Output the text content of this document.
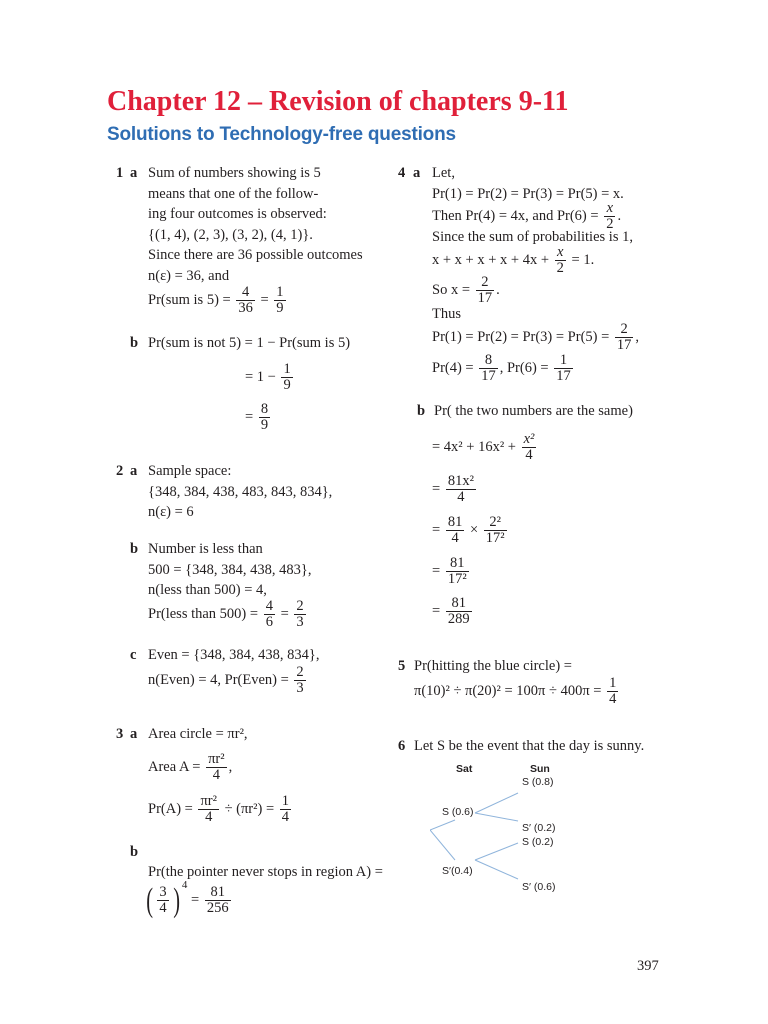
Chapter 12 – Revision of chapters 9-11
Solutions to Technology-free questions
1 a Sum of numbers showing is 5
means that one of the follow-
ing four outcomes is observed:
{(1, 4), (2, 3), (3, 2), (4, 1)}.
Since there are 36 possible outcomes
n(ε) = 36, and
Pr(sum is $5) = \frac{4}{36} = \frac{1}{9}$
b Pr(sum is not 5) = 1 − Pr(sum is 5)
= $1 - \frac{1}{9}$
= $\frac{8}{9}$
2 a Sample space:
{348, 384, 438, 483, 843, 834},
n(ε) = 6
b Number is less than
500 = {348, 384, 438, 483},
n(less than 500) = 4,
Pr(less than $500) = \frac{4}{6} = \frac{2}{3}$
c Even = {348, 384, 438, 834},
n(Even) = 4, Pr(Even) = $\frac{2}{3}$
3 a Area circle = πr²,
Area $A = \frac{\text{πr²}}{4}$ ,
$Pr(A) = \frac{\text{πr²}}{4} \div (\pi r^2) = \frac{1}{4}$
b
Pr(the pointer never stops in region A) =
( $\frac{3}{4}$ ) $^4 = \frac{81}{256}$
4 a Let,
Pr(1) = Pr(2) = Pr(3) = Pr(5) = x.
Then Pr(4) = 4x, and $Pr(6) = \frac{x}{2}$ .
Since the sum of probabilities is 1,
$x + x + x + x + 4x + \frac{x}{2} = 1$.
So $x = \frac{2}{17}$ .
Thus
$Pr(1) = Pr(2) = Pr(3) = Pr(5) = \frac{2}{17}$ ,
$Pr(4) = \frac{8}{17}$ , $Pr(6) = \frac{1}{17}$
b Pr( the two numbers are the same)
= $4x^2 + 16x^2 + \frac{\text{x²}}{4}$
= $\frac{\text{81x²}}{4}$
= $\frac{81}{4} \times \frac{\text{2²}}{\text{17²}}$
= $\frac{81}{\text{17²}}$
= $\frac{81}{289}$
5 Pr(hitting the blue circle) =
$\pi(10)^2 \div \pi(20)^2 = 100\pi \div 400\pi = \frac{1}{4}$
6 Let S be the event that the day is sunny.
Sat	Sun
S (0.8)
S (0.6)
S′ (0.2)
S (0.2)
S′(0.4)
S′ (0.6)
397
